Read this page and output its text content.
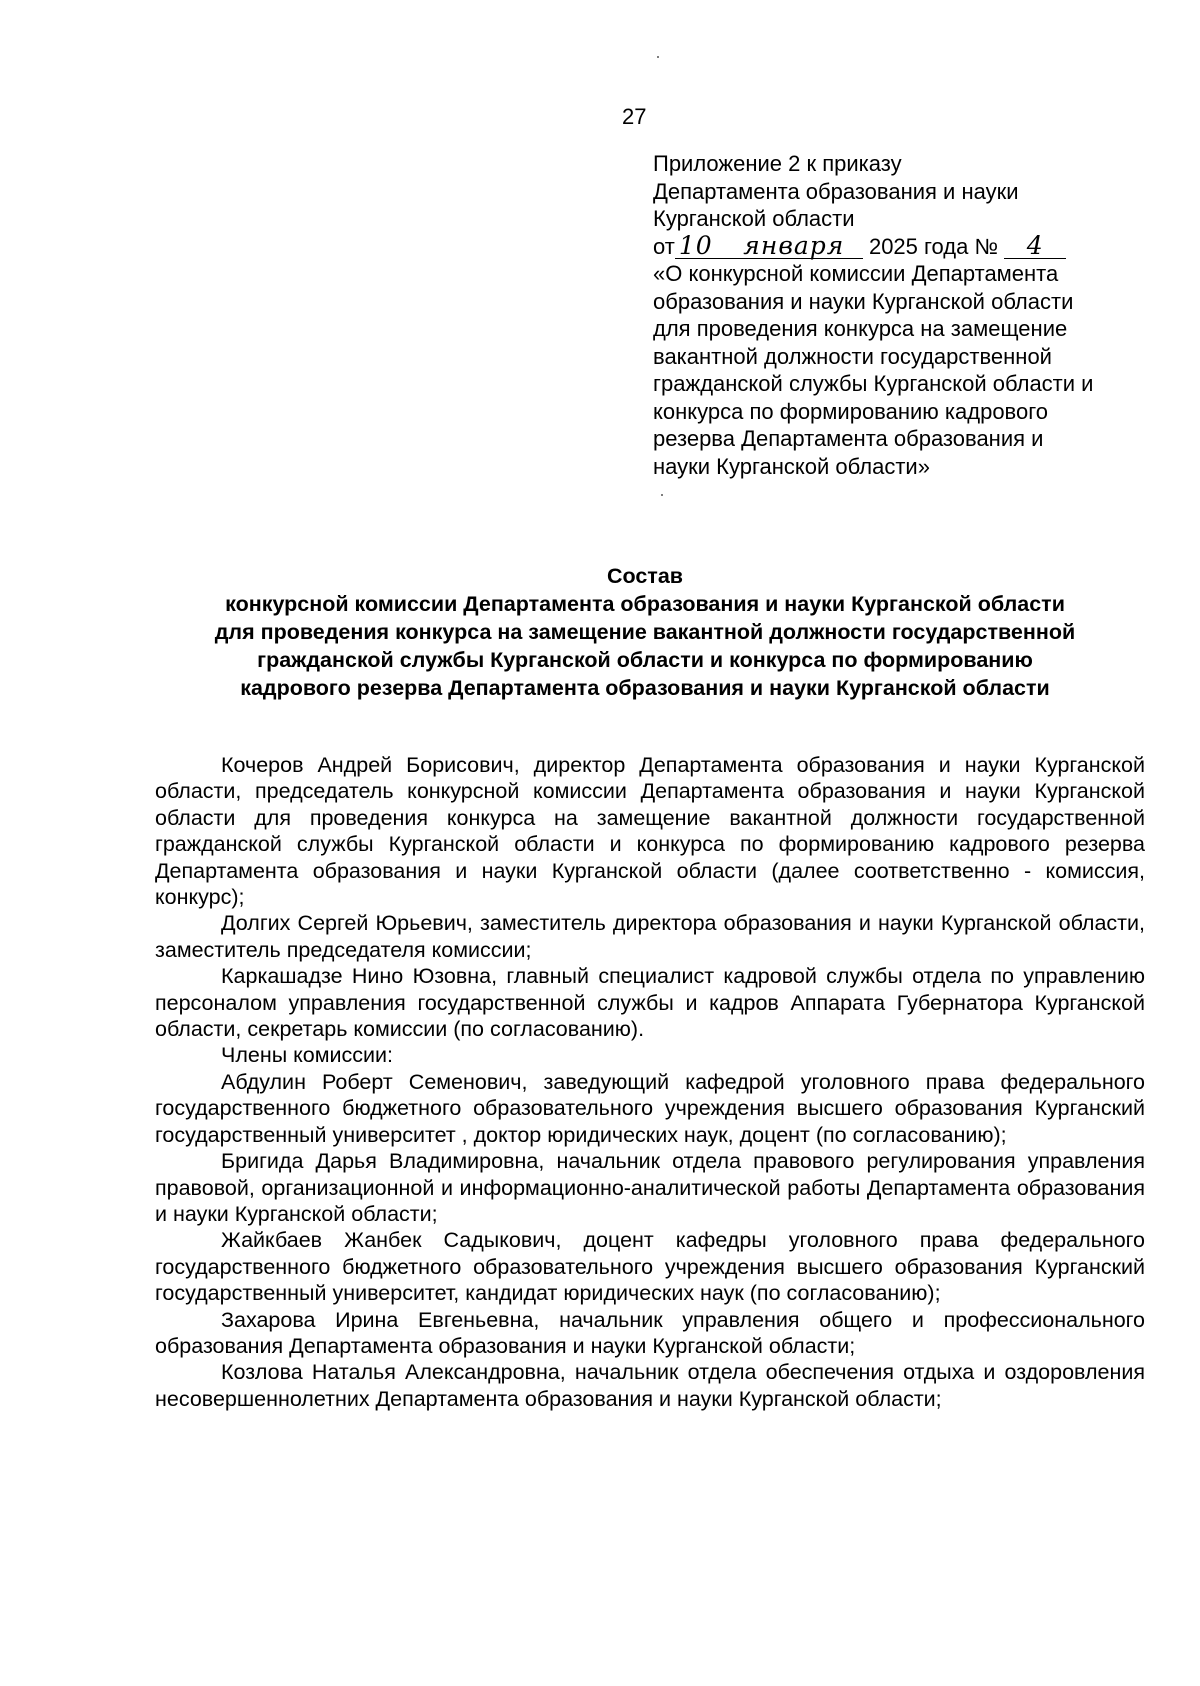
27
Приложение 2 к приказу
Департамента образования и науки
Курганской области
от 10 января 2025 года № 4
«О конкурсной комиссии Департамента
образования и науки Курганской области
для проведения конкурса на замещение
вакантной должности государственной
гражданской службы Курганской области и
конкурса по формированию кадрового
резерва Департамента образования и
науки Курганской области»
Состав
конкурсной комиссии Департамента образования и науки Курганской области
для проведения конкурса на замещение вакантной должности государственной
гражданской службы Курганской области и конкурса по формированию
кадрового резерва Департамента образования и науки Курганской области

Кочеров Андрей Борисович, директор Департамента образования и науки Курганской области, председатель конкурсной комиссии Департамента образования и науки Курганской области для проведения конкурса на замещение вакантной должности государственной гражданской службы Курганской области и конкурса по формированию кадрового резерва Департамента образования и науки Курганской области (далее соответственно - комиссия, конкурс);

Долгих Сергей Юрьевич, заместитель директора образования и науки Курганской области, заместитель председателя комиссии;

Каркашадзе Нино Юзовна, главный специалист кадровой службы отдела по управлению персоналом управления государственной службы и кадров Аппарата Губернатора Курганской области, секретарь комиссии (по согласованию).

Члены комиссии:

Абдулин Роберт Семенович, заведующий кафедрой уголовного права федерального государственного бюджетного образовательного учреждения высшего образования Курганский государственный университет , доктор юридических наук, доцент (по согласованию);

Бригида Дарья Владимировна, начальник отдела правового регулирования управления правовой, организационной и информационно-аналитической работы Департамента образования и науки Курганской области;

Жайкбаев Жанбек Садыкович, доцент кафедры уголовного права федерального государственного бюджетного образовательного учреждения высшего образования Курганский государственный университет, кандидат юридических наук (по согласованию);

Захарова Ирина Евгеньевна, начальник управления общего и профессионального образования Департамента образования и науки Курганской области;

Козлова Наталья Александровна, начальник отдела обеспечения отдыха и оздоровления несовершеннолетних Департамента образования и науки Курганской области;
